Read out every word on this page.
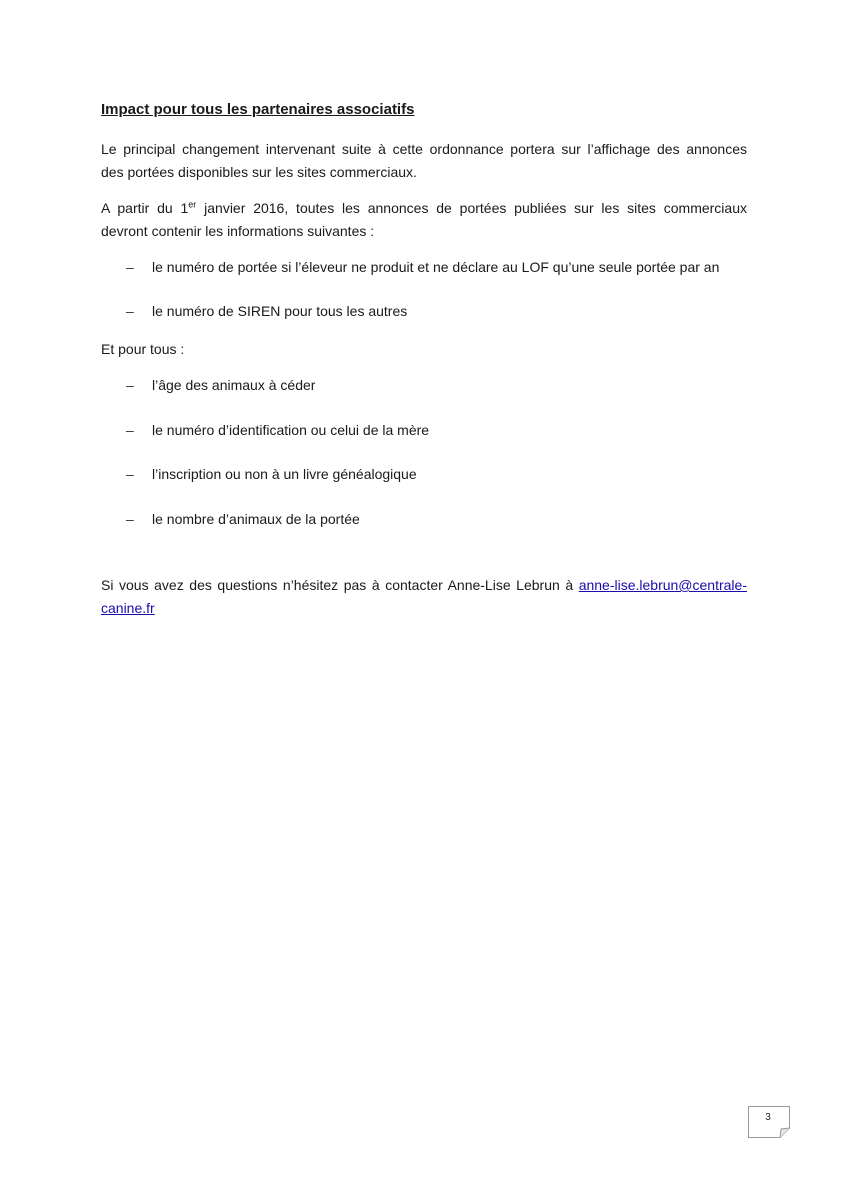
Impact pour tous les partenaires associatifs
Le principal changement intervenant suite à cette ordonnance portera sur l’affichage des annonces
des portées disponibles sur les sites commerciaux.
A partir du 1er janvier 2016, toutes les annonces de portées publiées sur les sites commerciaux
devront contenir les informations suivantes :
– le numéro de portée si l’éleveur ne produit et ne déclare au LOF qu’une seule portée par an
– le numéro de SIREN pour tous les autres
Et pour tous :
– l’âge des animaux à céder
– le numéro d’identification ou celui de la mère
– l’inscription ou non à un livre généalogique
– le nombre d’animaux de la portée
Si vous avez des questions n’hésitez pas à contacter Anne-Lise Lebrun à anne-lise.lebrun@centrale-
canine.fr
3
